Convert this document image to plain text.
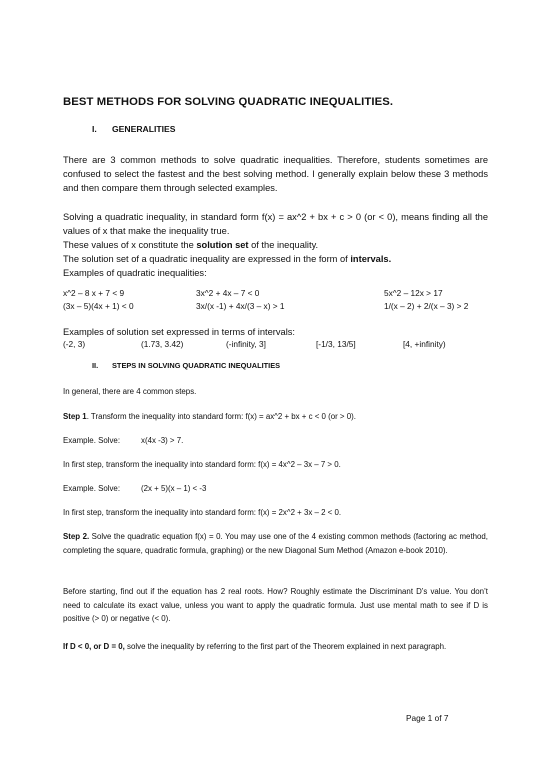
BEST METHODS FOR SOLVING QUADRATIC INEQUALITIES.
I. GENERALITIES

There are 3 common methods to solve quadratic inequalities. Therefore, students sometimes are confused to select the fastest and the best solving method. I generally explain below these 3 methods and then compare them through selected examples.

Solving a quadratic inequality, in standard form f(x) = ax^2 + bx + c > 0 (or < 0), means finding all the values of x that make the inequality true.

These values of x constitute the solution set of the inequality.

The solution set of a quadratic inequality are expressed in the form of intervals.

Examples of quadratic inequalities:

x^2 – 8 x + 7 < 9	3x^2 + 4x – 7 < 0	5x^2 – 12x > 17
(3x – 5)(4x + 1) < 0	3x/(x -1) + 4x/(3 – x) > 1	1/(x – 2) + 2/(x – 3) > 2

Examples of solution set expressed in terms of intervals:

(-2, 3)	(1.73, 3.42)	(-infinity, 3]	[-1/3, 13/5]	[4, +infinity)
II. STEPS IN SOLVING QUADRATIC INEQUALITIES

In general, there are 4 common steps.

Step 1. Transform the inequality into standard form: f(x) = ax^2 + bx + c < 0 (or > 0).

Example. Solve:	x(4x -3) > 7.

In first step, transform the inequality into standard form: f(x) = 4x^2 – 3x – 7 > 0.

Example. Solve:	(2x + 5)(x – 1) < -3

In first step, transform the inequality into standard form: f(x) = 2x^2 + 3x – 2 < 0.

Step 2. Solve the quadratic equation f(x) = 0. You may use one of the 4 existing common methods (factoring ac method, completing the square, quadratic formula, graphing) or the new Diagonal Sum Method (Amazon e-book 2010).

Before starting, find out if the equation has 2 real roots. How? Roughly estimate the Discriminant D’s value. You don’t need to calculate its exact value, unless you want to apply the quadratic formula. Just use mental math to see if D is positive (> 0) or negative (< 0).

If D < 0, or D = 0, solve the inequality by referring to the first part of the Theorem explained in next paragraph.

Page 1 of 7
